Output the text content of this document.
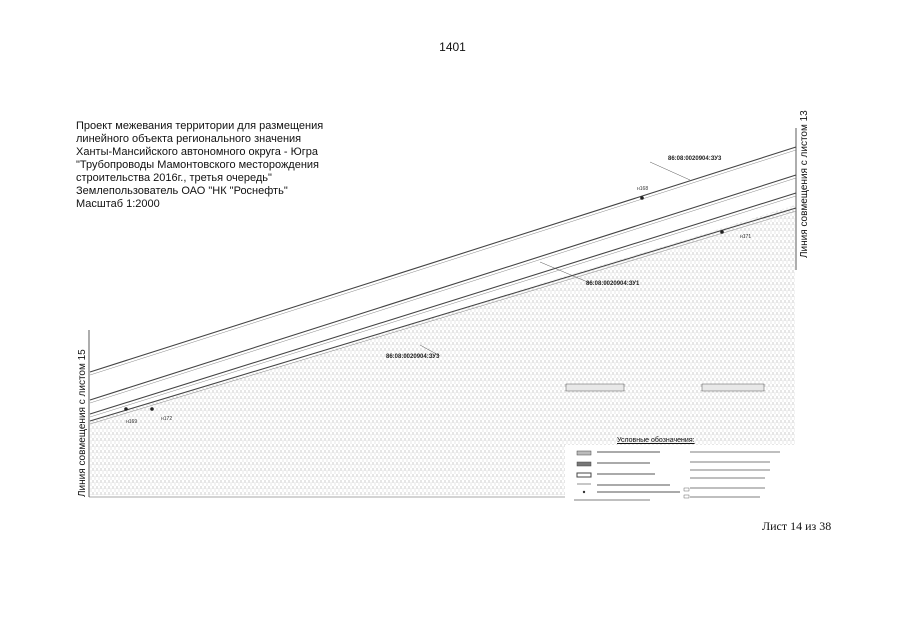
1401
Проект межевания территории для размещения
линейного объекта регионального значения
Ханты-Мансийского автономного округа - Югра
"Трубопроводы Мамонтовского месторождения
строительства 2016г., третья очередь"
Землепользователь ОАО "НК "Роснефть"
Масштаб 1:2000
86:08:0020904:ЗУ3
86:08:0020904:ЗУ1
86:08:0020904:ЗУ3
н168
н171
н169	н172
Линия совмещения с листом 15
Линия совмещения с листом 13
Условные обозначения:
Лист 14 из 38
